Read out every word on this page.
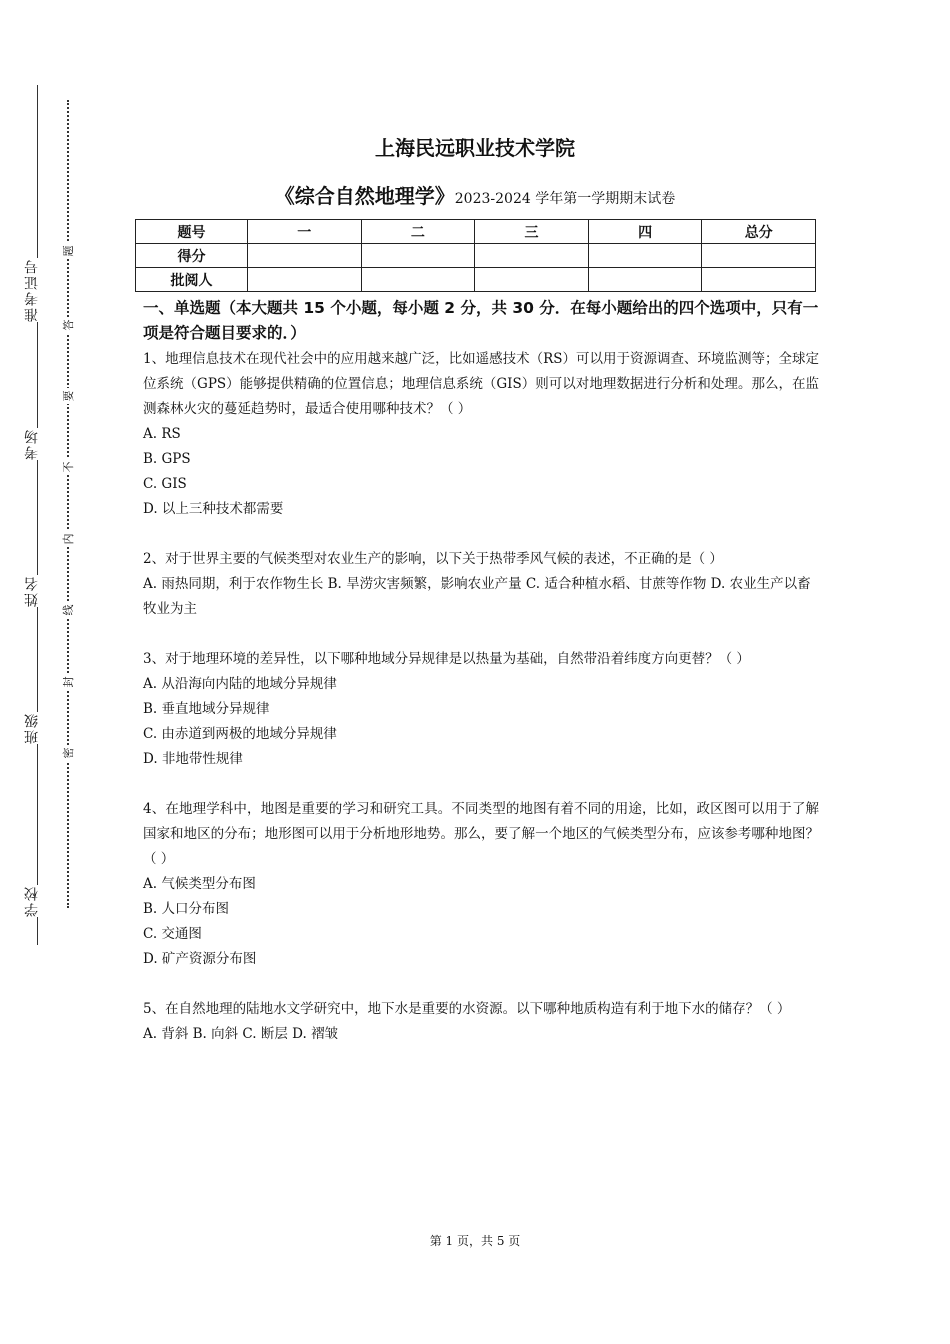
准考证号
考场
姓名
班级
学校
题
答
要
不
内
线
封
密
上海民远职业技术学院
《综合自然地理学》2023-2024 学年第一学期期末试卷
题号	一	二	三	四	总分
得分					
批阅人					

一、单选题（本大题共 15 个小题，每小题 2 分，共 30 分．在每小题给出的四个选项中，只有一项是符合题目要求的．）

1、地理信息技术在现代社会中的应用越来越广泛，比如遥感技术（RS）可以用于资源调查、环境监测等；全球定位系统（GPS）能够提供精确的位置信息；地理信息系统（GIS）则可以对地理数据进行分析和处理。那么，在监测森林火灾的蔓延趋势时，最适合使用哪种技术？（ ）

A. RS

B. GPS

C. GIS

D. 以上三种技术都需要

2、对于世界主要的气候类型对农业生产的影响，以下关于热带季风气候的表述，不正确的是（ ）

A. 雨热同期，利于农作物生长 B. 旱涝灾害频繁，影响农业产量 C. 适合种植水稻、甘蔗等作物 D. 农业生产以畜牧业为主

3、对于地理环境的差异性，以下哪种地域分异规律是以热量为基础，自然带沿着纬度方向更替？（ ）

A. 从沿海向内陆的地域分异规律

B. 垂直地域分异规律

C. 由赤道到两极的地域分异规律

D. 非地带性规律

4、在地理学科中，地图是重要的学习和研究工具。不同类型的地图有着不同的用途，比如，政区图可以用于了解国家和地区的分布；地形图可以用于分析地形地势。那么，要了解一个地区的气候类型分布，应该参考哪种地图？（ ）

A. 气候类型分布图

B. 人口分布图

C. 交通图

D. 矿产资源分布图

5、在自然地理的陆地水文学研究中，地下水是重要的水资源。以下哪种地质构造有利于地下水的储存？（ ）

A. 背斜 B. 向斜 C. 断层 D. 褶皱

第 1 页，共 5 页
